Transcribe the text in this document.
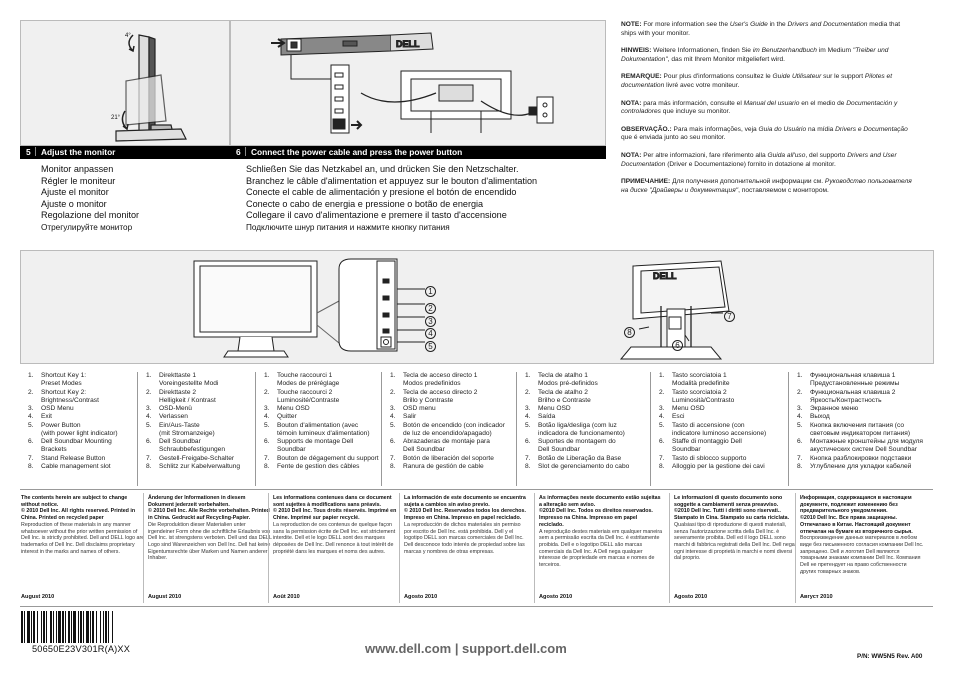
4°
21°
5 Adjust the monitor
Monitor anpassen
Régler le moniteur
Ajuste el monitor
Ajuste o monitor
Regolazione del monitor
Отрегулируйте монитор
DELL
6 Connect the power cable and press the power button
Schließen Sie das Netzkabel an, und drücken Sie den Netzschalter.
Branchez le câble d'alimentation et appuyez sur le bouton d'alimentation
Conecte el cable de alimentación y presione el botón de encendido
Conecte o cabo de energia e pressione o botão de energia
Collegare il cavo d'alimentazione e premere il tasto d'accensione
Подключите шнур питания и нажмите кнопку питания
NOTE: For more information see the User's Guide in the Drivers and Documentation media that ships with your monitor.
HINWEIS: Weitere Informationen, finden Sie im Benutzerhandbuch im Medium "Treiber und Dokumentation", das mit Ihrem Monitor mitgeliefert wird.
REMARQUE: Pour plus d'informations consultez le Guide Utilisateur sur le support Pilotes et documentation livré avec votre moniteur.
NOTA: para más información, consulte el Manual del usuario en el medio de Documentación y controladores que incluye su monitor.
OBSERVAÇÃO.: Para mais informações, veja Guia do Usuário na mídia Drivers e Documentação que é enviada junto ao seu monitor.
NOTA: Per altre informazioni, fare riferimento alla Guida all'uso, del supporto Drivers and User Documentation (Driver e Documentazione) fornito in dotazione al monitor.
ПРИМЕЧАНИЕ: Для получения дополнительной информации см. Руководство пользователя на диске "Драйверы и документация", поставляемом с монитором.
DELL
1
2
3
4
5	6
7
8
1.	Shortcut Key 1:
Preset Modes
2.	Shortcut Key 2:
Brightness/Contrast
3.	OSD Menu
4.	Exit
5.	Power Button
(with power light indicator)
6.	Dell Soundbar Mounting
Brackets
7.	Stand Release Button
8.	Cable management slot
1.	Direkttaste 1
Voreingestellte Modi
2.	Direkttaste 2
Helligkeit / Kontrast
3.	OSD-Menü
4.	Verlassen
5.	Ein/Aus-Taste
(mit Stromanzeige)
6.	Dell Soundbar
Schraubbefestigungen
7.	Gestell-Freigabe-Schalter
8.	Schlitz zur Kabelverwaltung
1.	Touche raccourci 1
Modes de préréglage
2.	Touche raccourci 2
Luminosité/Contraste
3.	Menu OSD
4.	Quitter
5.	Bouton d'alimentation (avec
témoin lumineux d'alimentation)
6.	Supports de montage Dell
Soundbar
7.	Bouton de dégagement du support
8.	Fente de gestion des câbles
1.	Tecla de acceso directo 1
Modos predefinidos
2.	Tecla de acceso directo 2
Brillo y Contraste
3.	OSD menu
4.	Salir
5.	Botón de encendido (con indicador
de luz de encendido/apagado)
6.	Abrazaderas de montaje para
Dell Soundbar
7.	Botón de liberación del soporte
8.	Ranura de gestión de cable
1.	Tecla de atalho 1
Modos pré-definidos
2.	Tecla de atalho 2
Brilho e Contraste
3.	Menu OSD
4.	Saída
5.	Botão liga/desliga (com luz
indicadora de funcionamento)
6.	Suportes de montagem do
Dell Soundbar
7.	Botão de Liberação da Base
8.	Slot de gerenciamento do cabo
1.	Tasto scorciatoia 1
Modalità predefinite
2.	Tasto scorciatoia 2
Luminosità/Contrasto
3.	Menu OSD
4.	Esci
5.	Tasto di accensione (con
indicatore luminoso accensione)
6.	Staffe di montaggio Dell
Soundbar
7.	Tasto di sblocco supporto
8.	Alloggio per la gestione dei cavi
1.	Функциональная клавиша 1
Предустановленные режимы
2.	Функциональная клавиша 2
Яркость/Контрастность
3.	Экранное меню
4.	Выход
5.	Кнопка включения питания (со
световым индикатором питания)
6.	Монтажные кронштейны для модуля
акустических систем Dell Soundbar
7.	Кнопка разблокировки подставки
8.	Углубление для укладки кабелей
The contents herein are subject to change without notice.
© 2010 Dell Inc. All rights reserved. Printed in China. Printed on recycled paper
Reproduction of these materials in any manner whatsoever without the prior written permission of Dell Inc. is strictly prohibited. Dell and DELL logo are trademarks of Dell Inc. Dell disclaims proprietary interest in the marks and names of others.
August 2010
Änderung der Informationen in diesem Dokument jederzeit vorbehalten.
© 2010 Dell Inc. Alle Rechte vorbehalten. Printed in China. Gedruckt auf Recycling-Papier.
Die Reproduktion dieser Materialien unter irgendeiner Form ohne die schriftliche Erlaubnis von Dell Inc. ist strengstens verboten. Dell und das DELL Logo sind Warenzeichen von Dell Inc. Dell hat keine Eigentumsrechte über Marken und Namen anderer Inhaber.
August 2010
Les informations contenues dans ce document sont sujettes à modifications sans préavis.
© 2010 Dell Inc. Tous droits réservés. Imprimé en Chine. Imprimé sur papier recyclé.
La reproduction de ces contenus de quelque façon sans la permission écrite de Dell Inc. est strictement interdite. Dell et le logo DELL sont des marques déposées de Dell Inc. Dell renonce à tout intérêt de propriété dans les marques et noms des autres.
Août 2010
La información de este documento se encuentra sujeta a cambios sin aviso previo.
© 2010 Dell Inc. Reservados todos los derechos. Impreso en China. Impreso en papel reciclado.
La reproducción de dichos materiales sin permiso por escrito de Dell Inc. está prohibida. Dell y el logotipo DELL son marcas comerciales de Dell Inc. Dell desconoce todo interés de propiedad sobre las marcas y nombres de otras empresas.
Agosto 2010
As informações neste documento estão sujeitas a alteração sem aviso.
©2010 Dell Inc. Todos os direitos reservados. Impresso na China. Impresso em papel reciclado.
A reprodução destes materiais em qualquer maneira sem a permissão escrita da Dell Inc. é estritamente proibida. Dell e o logotipo DELL são marcas comerciais da Dell Inc. A Dell nega qualquer interesse de propriedade em marcas e nomes de terceiros.
Agosto 2010
Le informazioni di questo documento sono soggette a cambiamenti senza preavviso.
©2010 Dell Inc. Tutti i diritti sono riservati.. Stampato in Cina. Stampato su carta riciclata.
Qualsiasi tipo di riproduzione di questi materiali, senza l'autorizzazione scritta della Dell Inc. è severamente proibita. Dell ed il logo DELL sono marchi di fabbrica registrati della Dell Inc. Dell nega ogni interesse di proprietà in marchi e nomi diversi dal proprio.
Agosto 2010
Информация, содержащаяся в настоящем документе, подлежит изменению без предварительного уведомления.
©2010 Dell Inc. Все права защищены. Отпечатано в Китае. Настоящий документ отпечатан на бумаге из вторичного сырья.
Воспроизведение данных материалов в любом виде без письменного согласия компании Dell Inc. запрещено. Dell и логотип Dell являются товарными знаками компании Dell Inc. Компания Dell не претендует на право собственности других товарных знаков.
Август 2010
50650E23V301R(A)XX	www.dell.com | support.dell.com
P/N: WW5N5 Rev. A00
